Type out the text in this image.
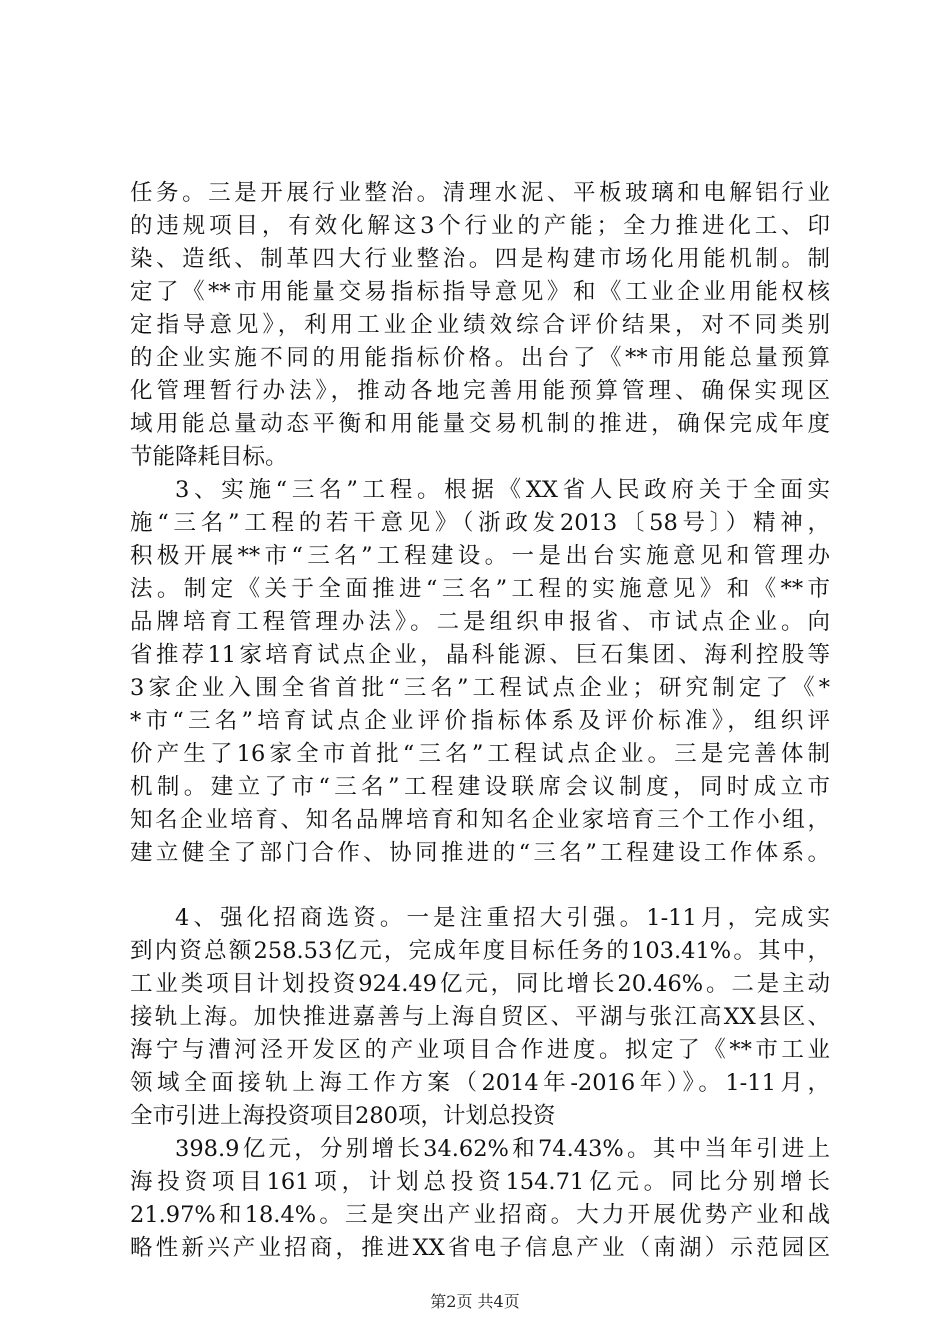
任务。三是开展行业整治。清理水泥、平板玻璃和电解铝行业
的违规项目，有效化解这3个行业的产能；全力推进化工、印
染、造纸、制革四大行业整治。四是构建市场化用能机制。制
定了《**市用能量交易指标指导意见》和《工业企业用能权核
定指导意见》，利用工业企业绩效综合评价结果，对不同类别
的企业实施不同的用能指标价格。出台了《**市用能总量预算
化管理暂行办法》，推动各地完善用能预算管理、确保实现区
域用能总量动态平衡和用能量交易机制的推进，确保完成年度
节能降耗目标。
3、实施“三名”工程。根据《XX省人民政府关于全面实
施“三名”工程的若干意见》（浙政发2013〔58号〕）精神，
积极开展**市“三名”工程建设。一是出台实施意见和管理办
法。制定《关于全面推进“三名”工程的实施意见》和《**市
品牌培育工程管理办法》。二是组织申报省、市试点企业。向
省推荐11家培育试点企业，晶科能源、巨石集团、海利控股等
3家企业入围全省首批“三名”工程试点企业；研究制定了《*
*市“三名”培育试点企业评价指标体系及评价标准》，组织评
价产生了16家全市首批“三名”工程试点企业。三是完善体制
机制。建立了市“三名”工程建设联席会议制度，同时成立市
知名企业培育、知名品牌培育和知名企业家培育三个工作小组，
建立健全了部门合作、协同推进的“三名”工程建设工作体系。
4、强化招商选资。一是注重招大引强。1-11月，完成实
到内资总额258.53亿元，完成年度目标任务的103.41%。其中，
工业类项目计划投资924.49亿元，同比增长20.46%。二是主动
接轨上海。加快推进嘉善与上海自贸区、平湖与张江高XX县区、
海宁与漕河泾开发区的产业项目合作进度。拟定了《**市工业
领域全面接轨上海工作方案（2014年-2016年）》。1-11月，
全市引进上海投资项目280项，计划总投资
398.9亿元，分别增长34.62%和74.43%。其中当年引进上
海投资项目161项，计划总投资154.71亿元。同比分别增长
21.97%和18.4%。三是突出产业招商。大力开展优势产业和战
略性新兴产业招商，推进XX省电子信息产业（南湖）示范园区
第2页 共4页
